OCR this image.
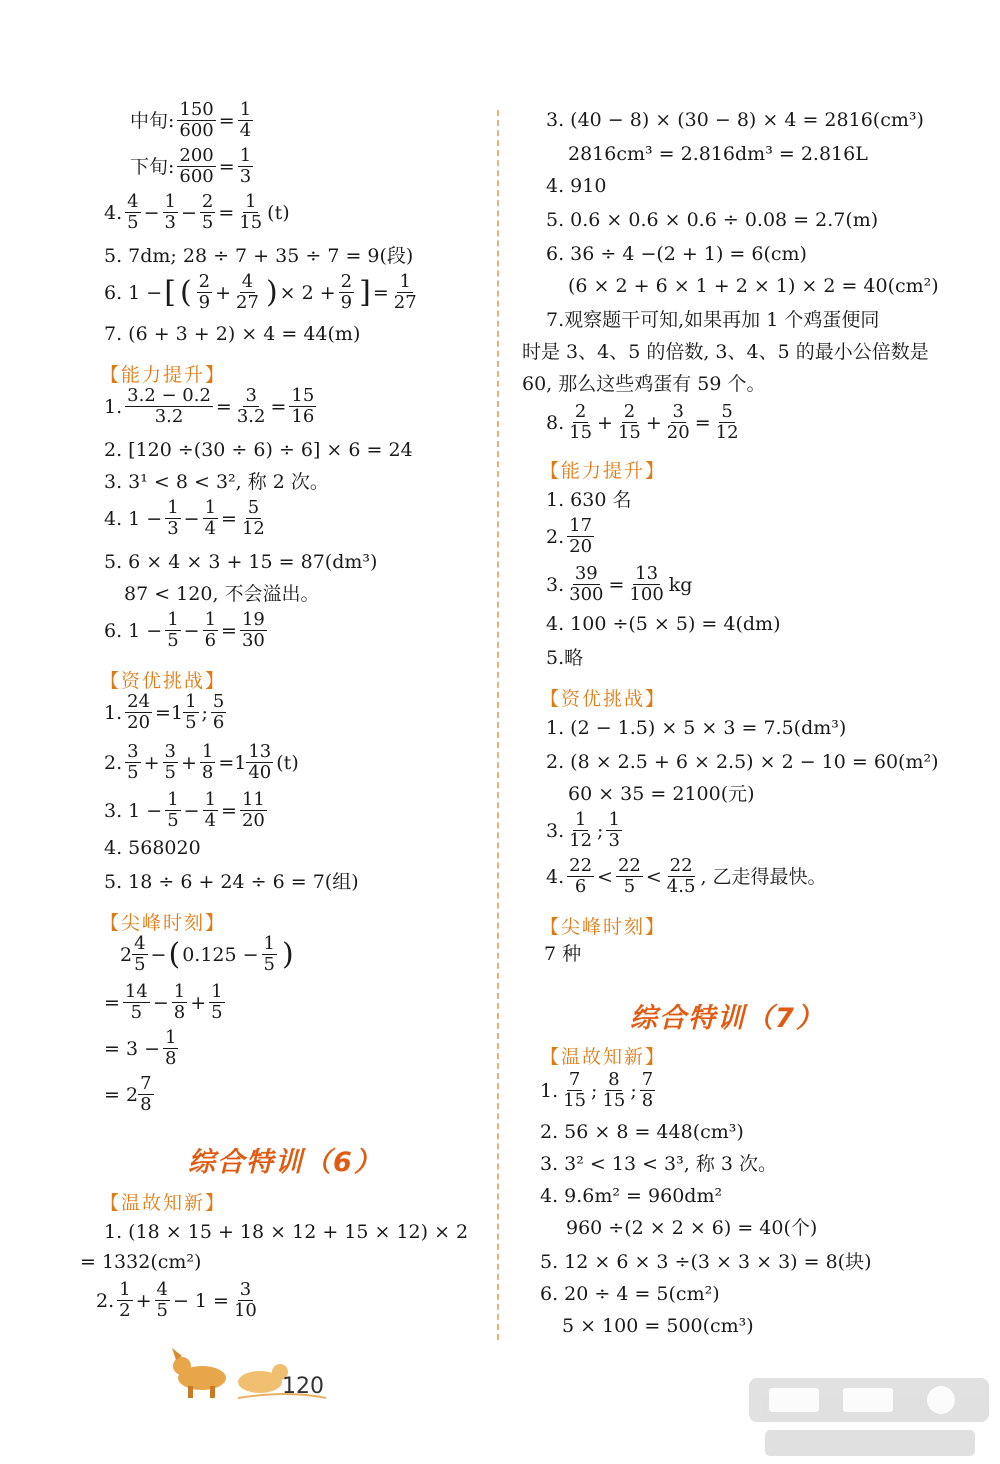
中旬: $\frac{150}{600} = \frac{1}{4}$
下旬: $\frac{200}{600} = \frac{1}{3}$
4. $\frac{4}{5} - \frac{1}{3} - \frac{2}{5} = \frac{1}{15} (t)$
5. 7dm; 28 ÷ 7 + 35 ÷ 7 = 9(段)
6. 1 − [ ( $\frac{2}{9} + \frac{4}{27}$ ) × $2 + \frac{2}{9}$ ] = $\frac{1}{27}$
7. (6 + 3 + 2) × 4 = 44(m)
【能力提升】
1. $\frac{3.2 - 0.2}{3.2} = \frac{3}{3.2} = \frac{15}{16}$
2. [120 ÷(30 ÷ 6) ÷ 6] × 6 = 24
3. 3¹ < 8 < 3², 称 2 次。
4. $1 - \frac{1}{3} - \frac{1}{4} = \frac{5}{12}$
5. 6 × 4 × 3 + 15 = 87(dm³)
87 < 120, 不会溢出。
6. $1 - \frac{1}{5} - \frac{1}{6} = \frac{19}{30}$
【资优挑战】
1. $\frac{24}{20} = 1 \frac{1}{5}$ ; $\frac{5}{6}$
2. $\frac{3}{5} + \frac{3}{5} + \frac{1}{8} = 1 \frac{13}{40} (t)$
3. $1 - \frac{1}{5} - \frac{1}{4} = \frac{11}{20}$
4. 568020
5. 18 ÷ 6 + 24 ÷ 6 = 7(组)
【尖峰时刻】
$2 \frac{4}{5}$ − ( $0.125 - \frac{1}{5}$ )
= $\frac{14}{5} - \frac{1}{8} + \frac{1}{5}$
= $3 - \frac{1}{8}$
= $2 \frac{7}{8}$
综合特训（6）
【温故知新】
1. (18 × 15 + 18 × 12 + 15 × 12) × 2
= 1332(cm²)
2. $\frac{1}{2} + \frac{4}{5} - 1 = \frac{3}{10}$
3. (40 − 8) × (30 − 8) × 4 = 2816(cm³)
2816cm³ = 2.816dm³ = 2.816L
4. 910
5. 0.6 × 0.6 × 0.6 ÷ 0.08 = 2.7(m)
6. 36 ÷ 4 −(2 + 1) = 6(cm)
(6 × 2 + 6 × 1 + 2 × 1) × 2 = 40(cm²)
7.观察题干可知,如果再加 1 个鸡蛋便同
时是 3、4、5 的倍数, 3、4、5 的最小公倍数是
60, 那么这些鸡蛋有 59 个。
8. $\frac{2}{15} + \frac{2}{15} + \frac{3}{20} = \frac{5}{12}$
【能力提升】
1. 630 名
2. $\frac{17}{20}$
3. $\frac{39}{300} = \frac{13}{100}$ kg
4. 100 ÷(5 × 5) = 4(dm)
5.略
【资优挑战】
1. (2 − 1.5) × 5 × 3 = 7.5(dm³)
2. (8 × 2.5 + 6 × 2.5) × 2 − 10 = 60(m²)
60 × 35 = 2100(元)
3. $\frac{1}{12}$ ; $\frac{1}{3}$
4. $\frac{22}{6} < \frac{22}{5} < \frac{22}{4.5}$ , 乙走得最快。
【尖峰时刻】
7 种
综合特训（7）
【温故知新】
1. $\frac{7}{15}$ ; $\frac{8}{15}$ ; $\frac{7}{8}$
2. 56 × 8 = 448(cm³)
3. 3² < 13 < 3³, 称 3 次。
4. 9.6m² = 960dm²
960 ÷(2 × 2 × 6) = 40(个)
5. 12 × 6 × 3 ÷(3 × 3 × 3) = 8(块)
6. 20 ÷ 4 = 5(cm²)
5 × 100 = 500(cm³)
120
